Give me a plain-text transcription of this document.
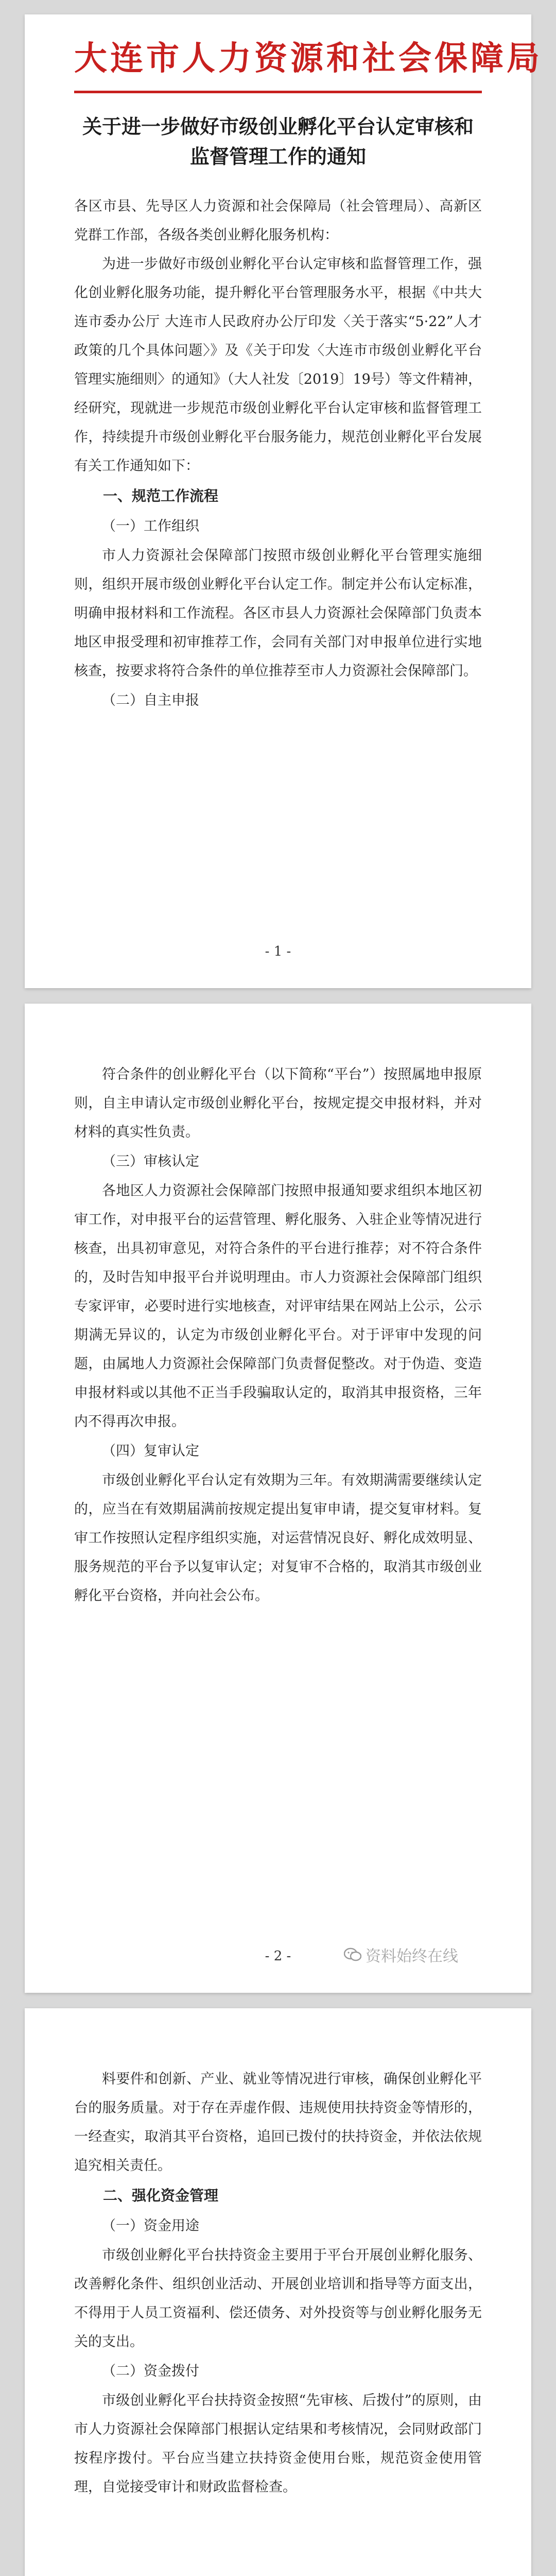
大连市人力资源和社会保障局
关于进一步做好市级创业孵化平台认定审核和监督管理工作的通知

各区市县、先导区人力资源和社会保障局（社会管理局）、高新区党群工作部，各级各类创业孵化服务机构：

为进一步做好市级创业孵化平台认定审核和监督管理工作，强化创业孵化服务功能，提升孵化平台管理服务水平，根据《中共大连市委办公厅 大连市人民政府办公厅印发〈关于落实“5·22”人才政策的几个具体问题〉》及《关于印发〈大连市市级创业孵化平台管理实施细则〉的通知》（大人社发〔2019〕19号）等文件精神，经研究，现就进一步规范市级创业孵化平台认定审核和监督管理工作，持续提升市级创业孵化平台服务能力，规范创业孵化平台发展有关工作通知如下：

一、规范工作流程

（一）工作组织

市人力资源社会保障部门按照市级创业孵化平台管理实施细则，组织开展市级创业孵化平台认定工作。制定并公布认定标准，明确申报材料和工作流程。各区市县人力资源社会保障部门负责本地区申报受理和初审推荐工作，会同有关部门对申报单位进行实地核查，按要求将符合条件的单位推荐至市人力资源社会保障部门。

（二）自主申报

- 1 -

符合条件的创业孵化平台（以下简称“平台”）按照属地申报原则，自主申请认定市级创业孵化平台，按规定提交申报材料，并对材料的真实性负责。

（三）审核认定

各地区人力资源社会保障部门按照申报通知要求组织本地区初审工作，对申报平台的运营管理、孵化服务、入驻企业等情况进行核查，出具初审意见，对符合条件的平台进行推荐；对不符合条件的，及时告知申报平台并说明理由。市人力资源社会保障部门组织专家评审，必要时进行实地核查，对评审结果在网站上公示，公示期满无异议的，认定为市级创业孵化平台。对于评审中发现的问题，由属地人力资源社会保障部门负责督促整改。对于伪造、变造申报材料或以其他不正当手段骗取认定的，取消其申报资格，三年内不得再次申报。

（四）复审认定

市级创业孵化平台认定有效期为三年。有效期满需要继续认定的，应当在有效期届满前按规定提出复审申请，提交复审材料。复审工作按照认定程序组织实施，对运营情况良好、孵化成效明显、服务规范的平台予以复审认定；对复审不合格的，取消其市级创业孵化平台资格，并向社会公布。

- 2 -	资料始终在线

料要件和创新、产业、就业等情况进行审核，确保创业孵化平台的服务质量。对于存在弄虚作假、违规使用扶持资金等情形的，一经查实，取消其平台资格，追回已拨付的扶持资金，并依法依规追究相关责任。

二、强化资金管理

（一）资金用途

市级创业孵化平台扶持资金主要用于平台开展创业孵化服务、改善孵化条件、组织创业活动、开展创业培训和指导等方面支出，不得用于人员工资福利、偿还债务、对外投资等与创业孵化服务无关的支出。

（二）资金拨付

市级创业孵化平台扶持资金按照“先审核、后拨付”的原则，由市人力资源社会保障部门根据认定结果和考核情况，会同财政部门按程序拨付。平台应当建立扶持资金使用台账，规范资金使用管理，自觉接受审计和财政监督检查。
